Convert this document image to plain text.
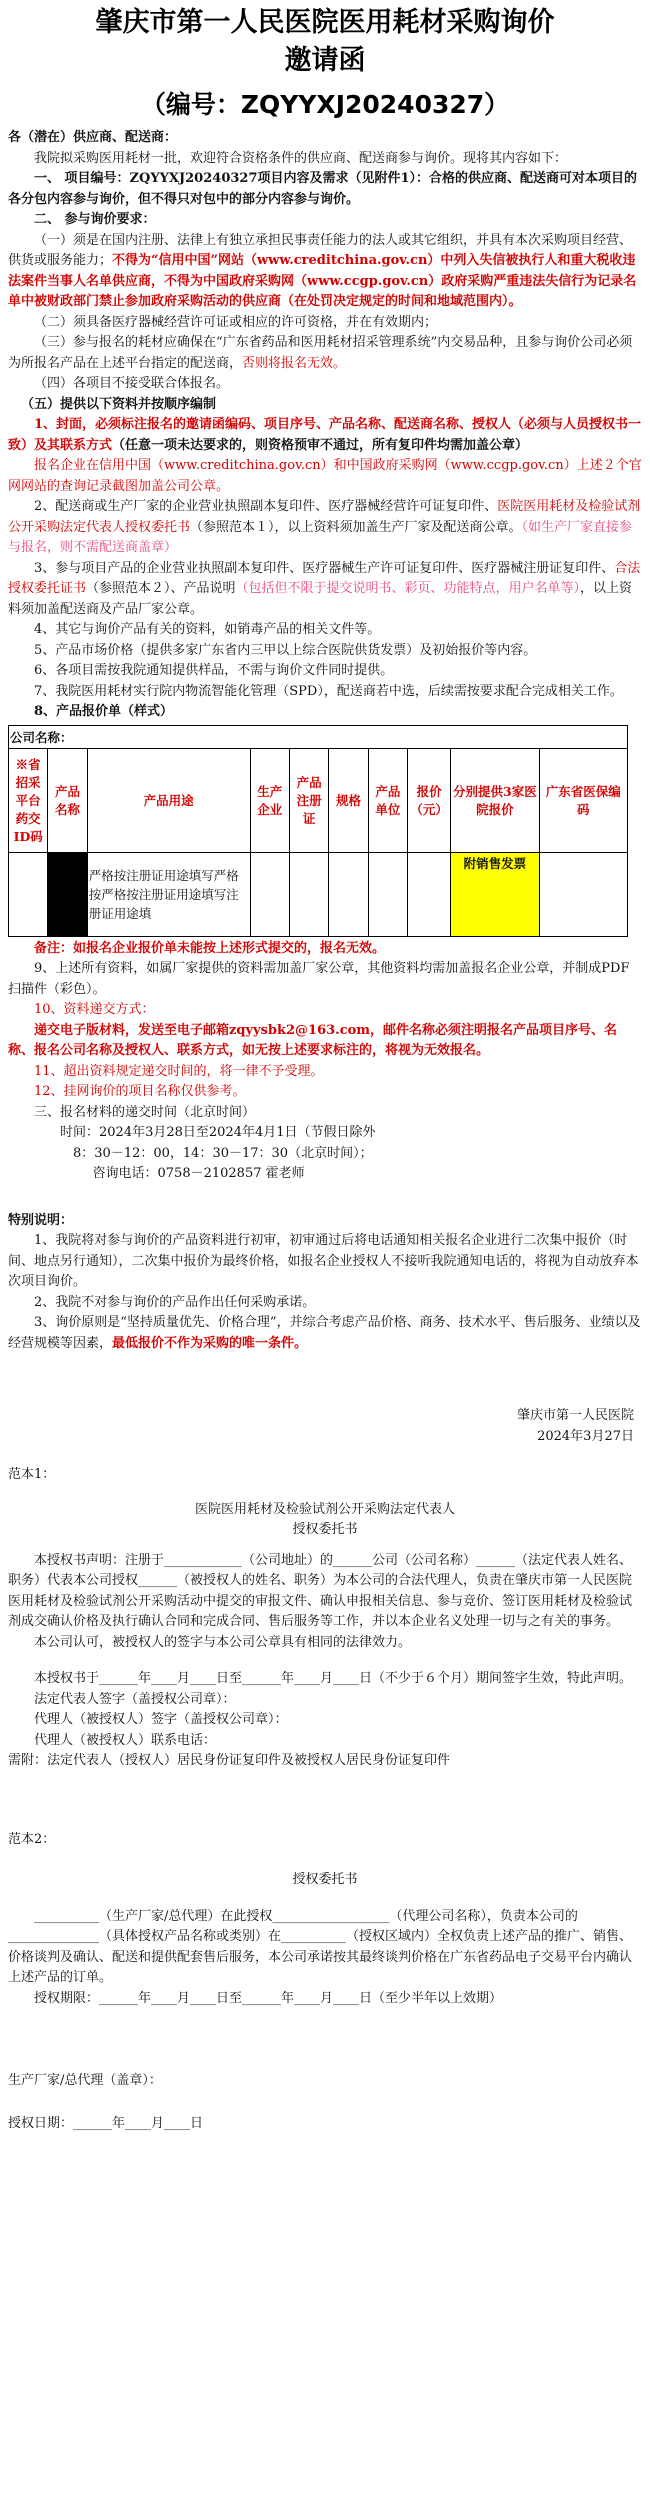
肇庆市第一人民医院医用耗材采购询价
邀请函
（编号：ZQYYXJ20240327）

各（潜在）供应商、配送商：

我院拟采购医用耗材一批，欢迎符合资格条件的供应商、配送商参与询价。现将其内容如下：

一、 项目编号：ZQYYXJ20240327项目内容及需求（见附件1）：合格的供应商、配送商可对本项目的各分包内容参与询价，但不得只对包中的部分内容参与询价。

二、 参与询价要求：

（一）须是在国内注册、法律上有独立承担民事责任能力的法人或其它组织，并具有本次采购项目经营、供货或服务能力；不得为“信用中国”网站（www.creditchina.gov.cn）中列入失信被执行人和重大税收违法案件当事人名单供应商，不得为中国政府采购网（www.ccgp.gov.cn）政府采购严重违法失信行为记录名单中被财政部门禁止参加政府采购活动的供应商（在处罚决定规定的时间和地域范围内）。

（二）须具备医疗器械经营许可证或相应的许可资格，并在有效期内；

（三）参与报名的耗材应确保在“广东省药品和医用耗材招采管理系统”内交易品种，且参与询价公司必须为所报名产品在上述平台指定的配送商，否则将报名无效。

（四）各项目不接受联合体报名。

（五）提供以下资料并按顺序编制

1、封面，必须标注报名的邀请函编码、项目序号、产品名称、配送商名称、授权人（必须与人员授权书一致）及其联系方式（任意一项未达要求的，则资格预审不通过，所有复印件均需加盖公章）

报名企业在信用中国（www.creditchina.gov.cn）和中国政府采购网（www.ccgp.gov.cn）上述２个官网网站的查询记录截图加盖公司公章。

2、配送商或生产厂家的企业营业执照副本复印件、医疗器械经营许可证复印件、医院医用耗材及检验试剂公开采购法定代表人授权委托书（参照范本１），以上资料须加盖生产厂家及配送商公章。（如生产厂家直接参与报名，则不需配送商盖章）

3、参与项目产品的企业营业执照副本复印件、医疗器械生产许可证复印件、医疗器械注册证复印件、合法授权委托证书（参照范本２）、产品说明（包括但不限于提交说明书、彩页、功能特点，用户名单等），以上资料须加盖配送商及产品厂家公章。

4、其它与询价产品有关的资料，如销毒产品的相关文件等。

5、产品市场价格（提供多家广东省内三甲以上综合医院供货发票）及初始报价等内容。

6、各项目需按我院通知提供样品，不需与询价文件同时提供。

7、我院医用耗材实行院内物流智能化管理（SPD），配送商若中选，后续需按要求配合完成相关工作。

8、产品报价单（样式）

公司名称：									
※省招采平台药交ID码	产品名称	产品用途	生产企业	产品注册证	规格	产品单位	报价（元）	分别提供3家医院报价	广东省医保编码
		严格按注册证用途填写严格按严格按注册证用途填写注册证用途填						附销售发票	

备注：如报名企业报价单未能按上述形式提交的，报名无效。

9、上述所有资料，如属厂家提供的资料需加盖厂家公章，其他资料均需加盖报名企业公章，并制成PDF扫描件（彩色）。

10、资料递交方式：

递交电子版材料，发送至电子邮箱zqyysbk2@163.com，邮件名称必须注明报名产品项目序号、名称、报名公司名称及授权人、联系方式，如无按上述要求标注的，将视为无效报名。

11、超出资料规定递交时间的，将一律不予受理。

12、挂网询价的项目名称仅供参考。

三、报名材料的递交时间（北京时间）

时间：2024年3月28日至2024年4月1日（节假日除外

8：30－12：00，14：30－17：30（北京时间）；

咨询电话：0758－2102857 霍老师

特别说明：

1、我院将对参与询价的产品资料进行初审，初审通过后将电话通知相关报名企业进行二次集中报价（时间、地点另行通知），二次集中报价为最终价格，如报名企业授权人不接听我院通知电话的，将视为自动放弃本次项目询价。

2、我院不对参与询价的产品作出任何采购承诺。

3、询价原则是“坚持质量优先、价格合理”，并综合考虑产品价格、商务、技术水平、售后服务、业绩以及经营规模等因素，最低报价不作为采购的唯一条件。

肇庆市第一人民医院

2024年3月27日

范本1：

医院医用耗材及检验试剂公开采购法定代表人

授权委托书

本授权书声明：注册于____________（公司地址）的______公司（公司名称）______（法定代表人姓名、职务）代表本公司授权______（被授权人的姓名、职务）为本公司的合法代理人，负责在肇庆市第一人民医院医用耗材及检验试剂公开采购活动中提交的审报文件、确认申报相关信息、参与竞价、签订医用耗材及检验试剂成交确认价格及执行确认合同和完成合同、售后服务等工作，并以本企业名义处理一切与之有关的事务。

本公司认可，被授权人的签字与本公司公章具有相同的法律效力。

本授权书于______年____月____日至______年____月____日（不少于６个月）期间签字生效，特此声明。

法定代表人签字（盖授权公司章）：

代理人（被授权人）签字（盖授权公司章）：

代理人（被授权人）联系电话：

需附：法定代表人（授权人）居民身份证复印件及被授权人居民身份证复印件

范本2：

授权委托书

__________（生产厂家/总代理）在此授权__________________（代理公司名称），负责本公司的______________（具体授权产品名称或类别）在__________（授权区域内）全权负责上述产品的推广、销售、价格谈判及确认、配送和提供配套售后服务，本公司承诺按其最终谈判价格在广东省药品电子交易平台内确认上述产品的订单。

授权期限：______年____月____日至______年____月____日（至少半年以上效期）

生产厂家/总代理（盖章）：

授权日期：______年____月____日
